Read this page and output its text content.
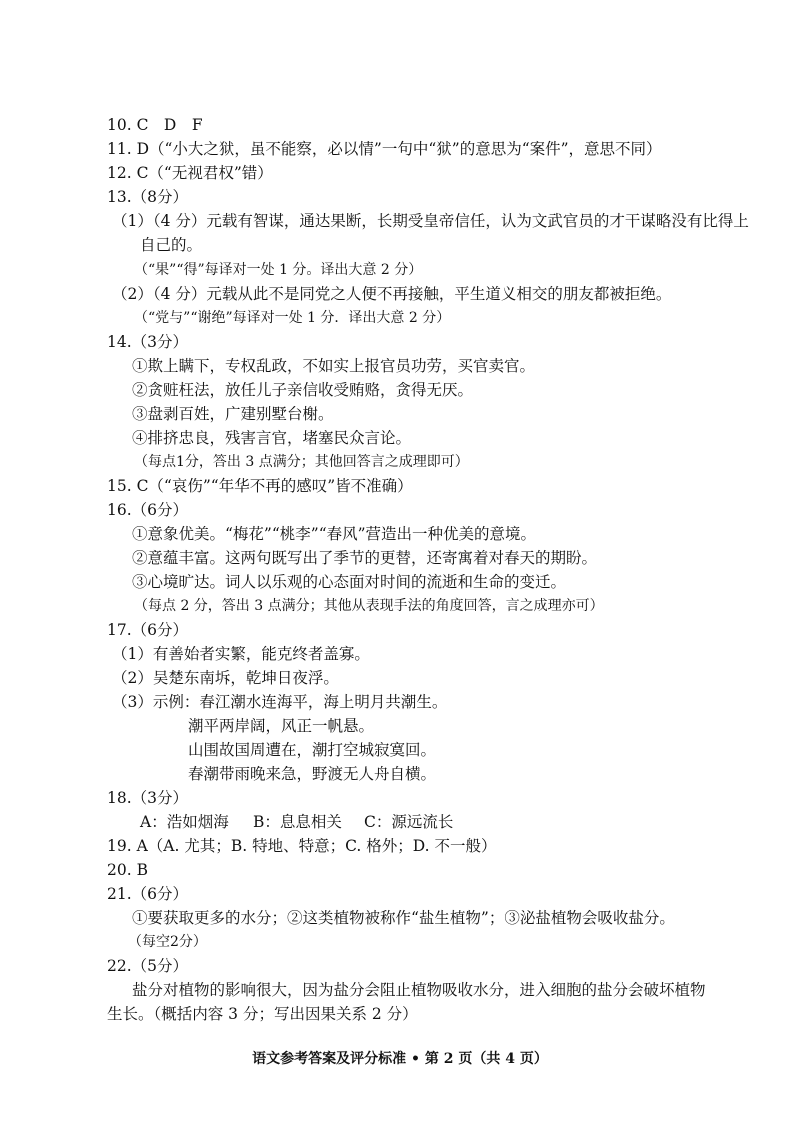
10. C　D　F
11. D（“小大之狱，虽不能察，必以情”一句中“狱”的意思为“案件”，意思不同）
12. C（“无视君权”错）
13.（8分）
（1）（4 分）元载有智谋，通达果断，长期受皇帝信任，认为文武官员的才干谋略没有比得上
自己的。
（“果”“得”每译对一处 1 分。译出大意 2 分）
（2）（4 分）元载从此不是同党之人便不再接触，平生道义相交的朋友都被拒绝。
（“党与”“谢绝”每译对一处 1 分．译出大意 2 分）
14.（3分）
①欺上瞒下，专权乱政，不如实上报官员功劳，买官卖官。
②贪赃枉法，放任儿子亲信收受贿赂，贪得无厌。
③盘剥百姓，广建别墅台榭。
④排挤忠良，残害言官，堵塞民众言论。
（每点1分，答出 3 点满分；其他回答言之成理即可）
15. C（“哀伤”“年华不再的感叹”皆不准确）
16.（6分）
①意象优美。“梅花”“桃李”“春风”营造出一种优美的意境。
②意蕴丰富。这两句既写出了季节的更替，还寄寓着对春天的期盼。
③心境旷达。词人以乐观的心态面对时间的流逝和生命的变迁。
（每点 2 分，答出 3 点满分；其他从表现手法的角度回答，言之成理亦可）
17.（6分）
（1）有善始者实繁，能克终者盖寡。
（2）吴楚东南坼，乾坤日夜浮。
（3）示例：春江潮水连海平，海上明月共潮生。
潮平两岸阔，风正一帆悬。
山围故国周遭在，潮打空城寂寞回。
春潮带雨晚来急，野渡无人舟自横。
18.（3分）
A：浩如烟海 B：息息相关 C：源远流长
19. A（A. 尤其；B. 特地、特意；C. 格外；D. 不一般）
20. B
21.（6分）
①要获取更多的水分；②这类植物被称作“盐生植物”；③泌盐植物会吸收盐分。
（每空2分）
22.（5分）
盐分对植物的影响很大，因为盐分会阻止植物吸收水分，进入细胞的盐分会破坏植物
生长。（概括内容 3 分；写出因果关系 2 分）
语文参考答案及评分标准 • 第 2 页（共 4 页）
